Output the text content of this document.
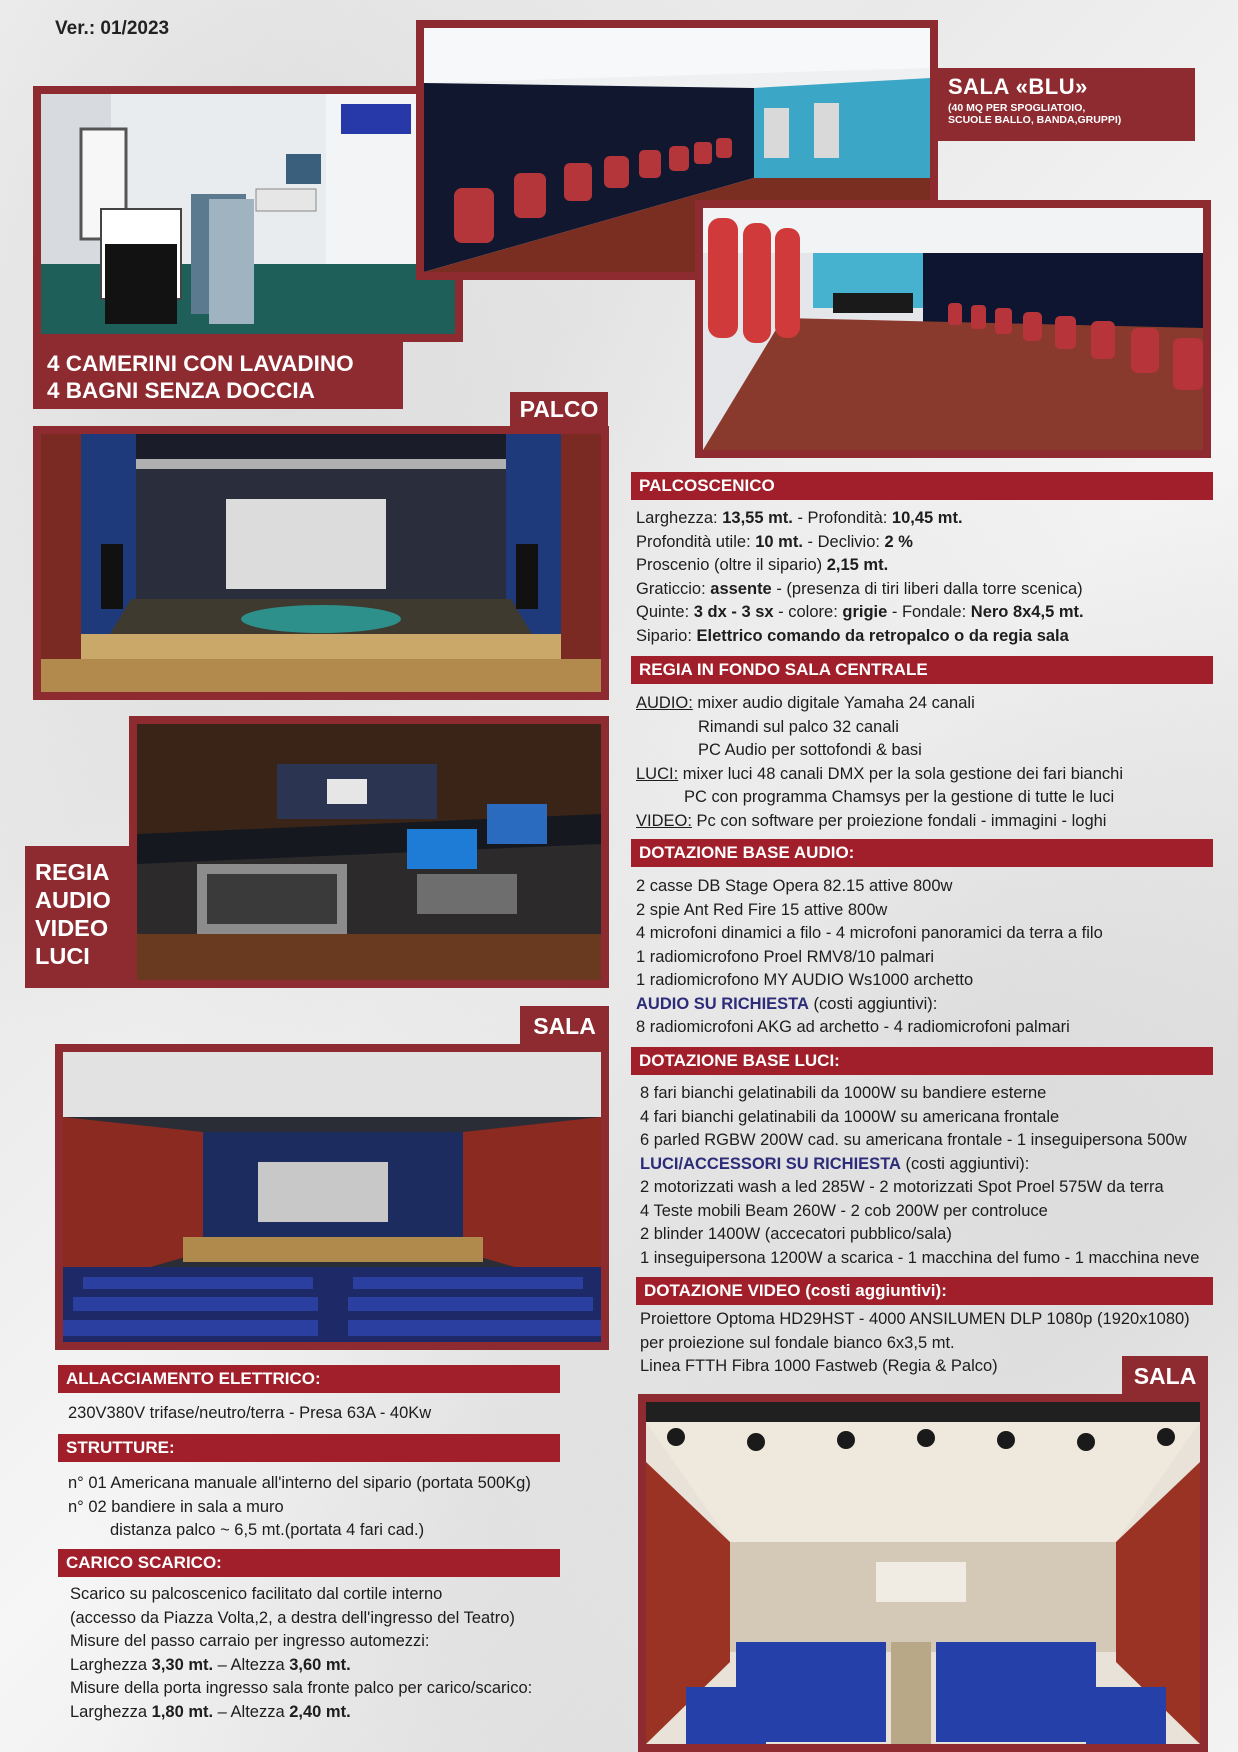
Ver.: 01/2023
SALA «BLU»
(40 MQ PER SPOGLIATOIO,
SCUOLE BALLO, BANDA,GRUPPI)
4 CAMERINI CON LAVADINO
4 BAGNI SENZA DOCCIA
PALCO
REGIA
AUDIO
VIDEO
LUCI
SALA
PALCOSCENICO
Larghezza: 13,55 mt. - Profondità: 10,45 mt.
Profondità utile: 10 mt. - Declivio: 2 %
Proscenio (oltre il sipario) 2,15 mt.
Graticcio: assente - (presenza di tiri liberi dalla torre scenica)
Quinte: 3 dx - 3 sx - colore: grigie - Fondale: Nero 8x4,5 mt.
Sipario: Elettrico comando da retropalco o da regia sala
REGIA IN FONDO SALA CENTRALE
AUDIO: mixer audio digitale Yamaha 24 canali
Rimandi sul palco 32 canali
PC Audio per sottofondi & basi
LUCI: mixer luci 48 canali DMX per la sola gestione dei fari bianchi
PC con programma Chamsys per la gestione di tutte le luci
VIDEO: Pc con software per proiezione fondali - immagini - loghi
DOTAZIONE BASE AUDIO:
2 casse DB Stage Opera 82.15 attive 800w
2 spie Ant Red Fire 15 attive 800w
4 microfoni dinamici a filo - 4 microfoni panoramici da terra a filo
1 radiomicrofono Proel RMV8/10 palmari
1 radiomicrofono MY AUDIO Ws1000 archetto
AUDIO SU RICHIESTA (costi aggiuntivi):
8 radiomicrofoni AKG ad archetto - 4 radiomicrofoni palmari
DOTAZIONE BASE LUCI:
8 fari bianchi gelatinabili da 1000W su bandiere esterne
4 fari bianchi gelatinabili da 1000W su americana frontale
6 parled RGBW 200W cad. su americana frontale - 1 inseguipersona 500w
LUCI/ACCESSORI SU RICHIESTA (costi aggiuntivi):
2 motorizzati wash a led 285W - 2 motorizzati Spot Proel 575W da terra
4 Teste mobili Beam 260W - 2 cob 200W per controluce
2 blinder 1400W (accecatori pubblico/sala)
1 inseguipersona 1200W a scarica - 1 macchina del fumo - 1 macchina neve
DOTAZIONE VIDEO (costi aggiuntivi):
Proiettore Optoma HD29HST - 4000 ANSILUMEN DLP 1080p (1920x1080)
per proiezione sul fondale bianco 6x3,5 mt.
Linea FTTH Fibra 1000 Fastweb (Regia & Palco)	SALA
ALLACCIAMENTO ELETTRICO:
230V380V trifase/neutro/terra - Presa 63A - 40Kw
STRUTTURE:
n° 01 Americana manuale all'interno del sipario (portata 500Kg)
n° 02 bandiere in sala a muro
distanza palco ~ 6,5 mt.(portata 4 fari cad.)
CARICO SCARICO:
Scarico su palcoscenico facilitato dal cortile interno
(accesso da Piazza Volta,2, a destra dell'ingresso del Teatro)
Misure del passo carraio per ingresso automezzi:
Larghezza 3,30 mt. – Altezza 3,60 mt.
Misure della porta ingresso sala fronte palco per carico/scarico:
Larghezza 1,80 mt. – Altezza 2,40 mt.
